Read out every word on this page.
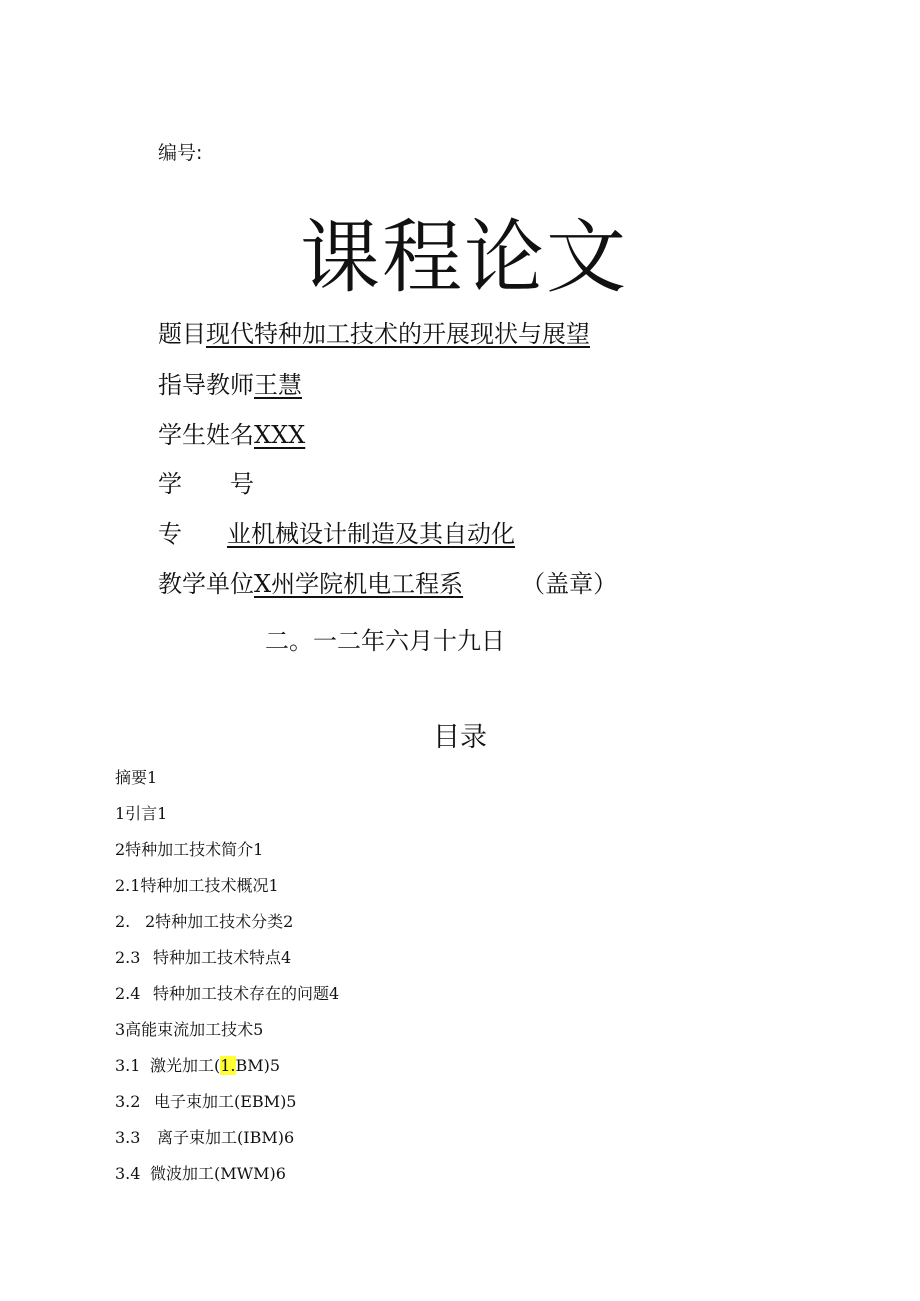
编号:
课程论文
题目现代特种加工技术的开展现状与展望
指导教师王慧
学生姓名XXX
学 号
专 业机械设计制造及其自动化
教学单位X州学院机电工程系 （盖章）
二。一二年六月十九日
目录
摘要1
1引言1
2特种加工技术简介1
2.1特种加工技术概况1
2. 2特种加工技术分类2
2.3 特种加工技术特点4
2.4 特种加工技术存在的问题4
3高能束流加工技术5
3.1 激光加工(1.BM)5
3.2 电子束加工(EBM)5
3.3 离子束加工(IBM)6
3.4 微波加工(MWM)6
